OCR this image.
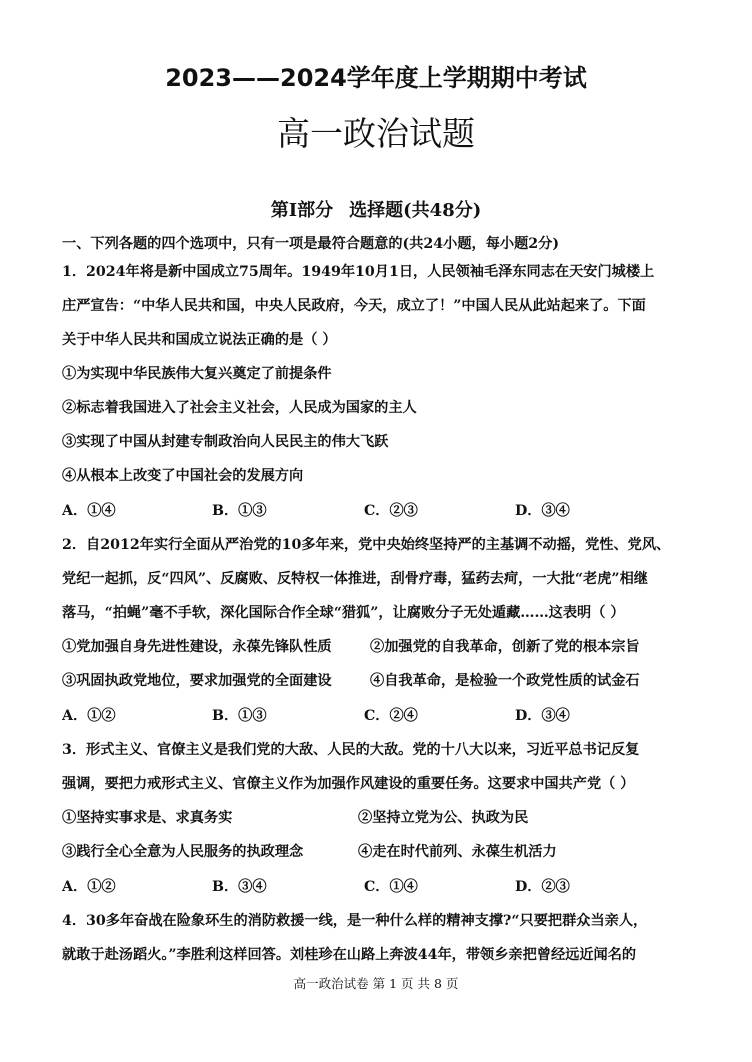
2023——2024学年度上学期期中考试
高一政治试题
第Ⅰ部分 选择题(共48分)
一、下列各题的四个选项中，只有一项是最符合题意的(共24小题，每小题2分)
1．2024年将是新中国成立75周年。1949年10月1日，人民领袖毛泽东同志在天安门城楼上
庄严宣告：“中华人民共和国，中央人民政府，今天，成立了！”中国人民从此站起来了。下面
关于中华人民共和国成立说法正确的是（ ）
①为实现中华民族伟大复兴奠定了前提条件
②标志着我国进入了社会主义社会，人民成为国家的主人
③实现了中国从封建专制政治向人民民主的伟大飞跃
④从根本上改变了中国社会的发展方向
A．①④	B．①③	C．②③	D．③④
2．自2012年实行全面从严治党的10多年来，党中央始终坚持严的主基调不动摇，党性、党风、
党纪一起抓，反“四风”、反腐败、反特权一体推进，刮骨疗毒，猛药去疴，一大批“老虎”相继
落马，“拍蝇”毫不手软，深化国际合作全球“猎狐”，让腐败分子无处遁藏……这表明（ ）
①党加强自身先进性建设，永葆先锋队性质	②加强党的自我革命，创新了党的根本宗旨
③巩固执政党地位，要求加强党的全面建设	④自我革命，是检验一个政党性质的试金石
A．①②	B．①③	C．②④	D．③④
3．形式主义、官僚主义是我们党的大敌、人民的大敌。党的十八大以来，习近平总书记反复
强调，要把力戒形式主义、官僚主义作为加强作风建设的重要任务。这要求中国共产党（ ）
①坚持实事求是、求真务实	②坚持立党为公、执政为民
③践行全心全意为人民服务的执政理念	④走在时代前列、永葆生机活力
A．①②	B．③④	C．①④	D．②③
4．30多年奋战在险象环生的消防救援一线，是一种什么样的精神支撑?“只要把群众当亲人，
就敢于赴汤蹈火。”李胜利这样回答。刘桂珍在山路上奔波44年，带领乡亲把曾经远近闻名的
高一政治试卷 第 1 页 共 8 页
